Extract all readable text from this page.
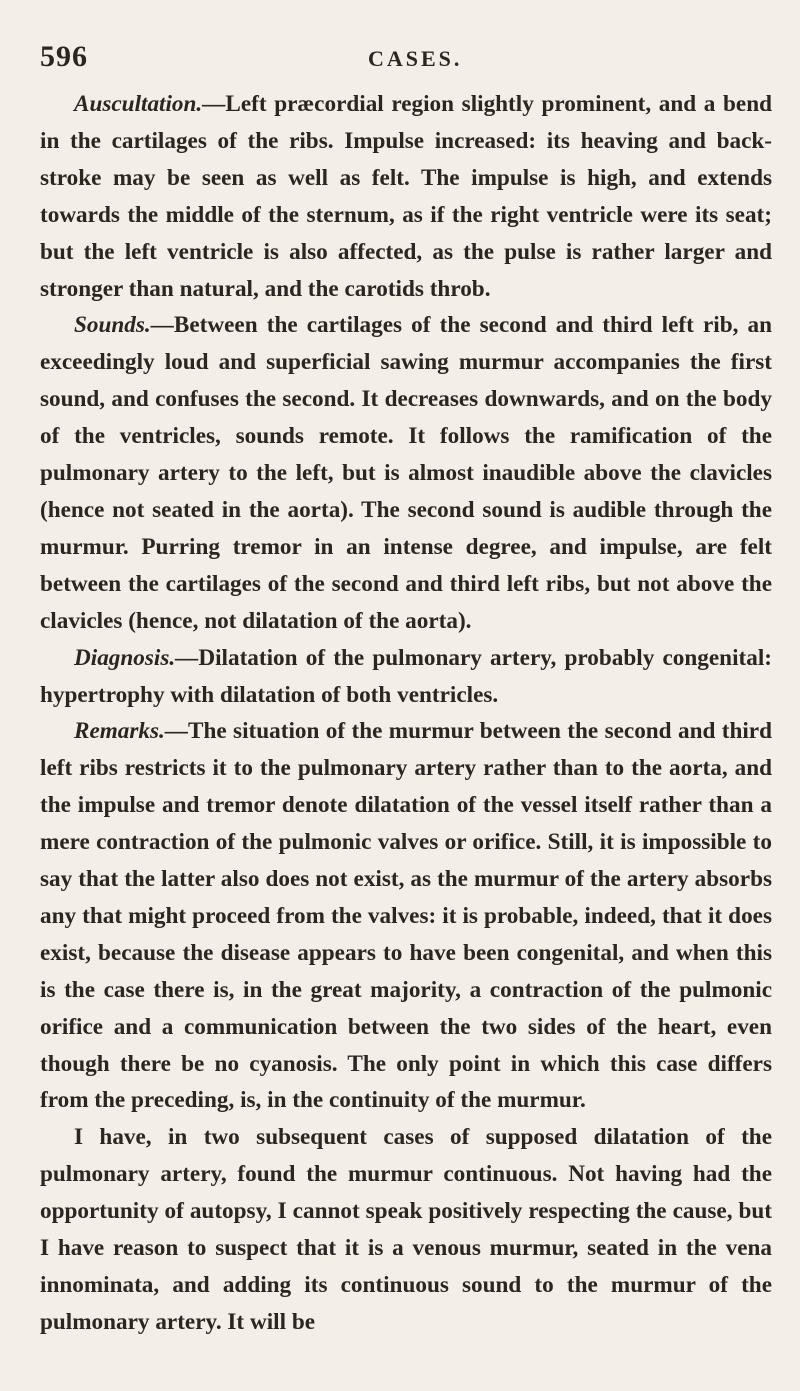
596	CASES.

Auscultation.—Left præcordial region slightly prominent, and a bend in the cartilages of the ribs. Impulse increased: its heaving and back-stroke may be seen as well as felt. The impulse is high, and extends towards the middle of the sternum, as if the right ventricle were its seat; but the left ventricle is also affected, as the pulse is rather larger and stronger than natural, and the carotids throb.

Sounds.—Between the cartilages of the second and third left rib, an exceedingly loud and superficial sawing murmur accompanies the first sound, and confuses the second. It decreases downwards, and on the body of the ventricles, sounds remote. It follows the ramification of the pulmonary artery to the left, but is almost inaudible above the clavicles (hence not seated in the aorta). The second sound is audible through the murmur. Purring tremor in an intense degree, and impulse, are felt between the cartilages of the second and third left ribs, but not above the clavicles (hence, not dilatation of the aorta).

Diagnosis.—Dilatation of the pulmonary artery, probably congenital: hypertrophy with dilatation of both ventricles.

Remarks.—The situation of the murmur between the second and third left ribs restricts it to the pulmonary artery rather than to the aorta, and the impulse and tremor denote dilatation of the vessel itself rather than a mere contraction of the pulmonic valves or orifice. Still, it is impossible to say that the latter also does not exist, as the murmur of the artery absorbs any that might proceed from the valves: it is probable, indeed, that it does exist, because the disease appears to have been congenital, and when this is the case there is, in the great majority, a contraction of the pulmonic orifice and a communication between the two sides of the heart, even though there be no cyanosis. The only point in which this case differs from the preceding, is, in the continuity of the murmur.

I have, in two subsequent cases of supposed dilatation of the pulmonary artery, found the murmur continuous. Not having had the opportunity of autopsy, I cannot speak positively respecting the cause, but I have reason to suspect that it is a venous murmur, seated in the vena innominata, and adding its continuous sound to the murmur of the pulmonary artery. It will be
